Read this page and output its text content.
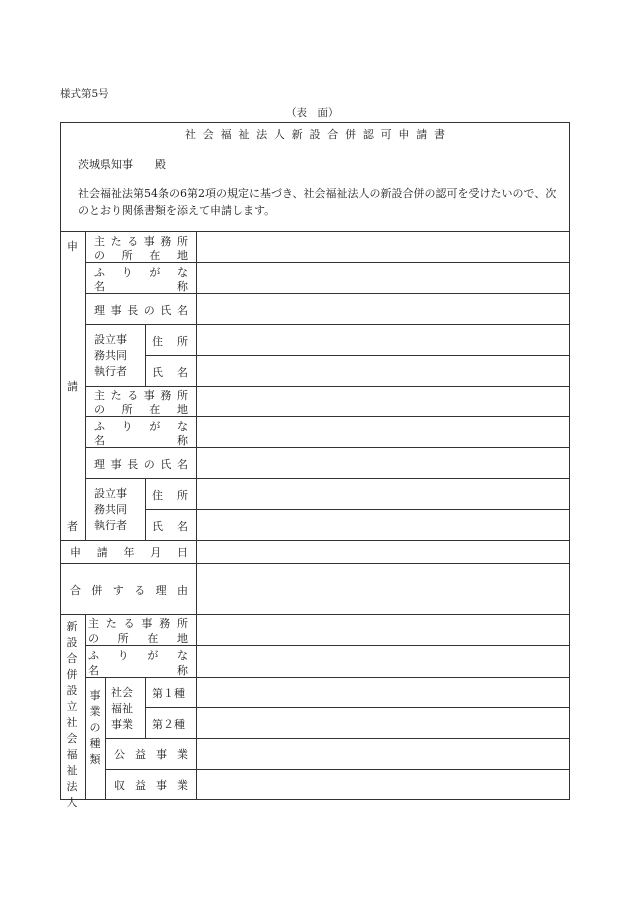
様式第5号
（表　面）
社会福祉法人新設合併認可申請書
茨城県知事　　殿
社会福祉法第54条の6第2項の規定に基づき、社会福祉法人の新設合併の認可を受けたいので、次のとおり関係書類を添えて申請します。
申
請
者
主たる事務所
の所在地
ふりがな
名称
理事長の氏名
設立事
務共同
執行者
住所
氏名
主たる事務所
の所在地
ふりがな
名称
理事長の氏名
設立事
務共同
執行者
住所
氏名
申請年月日
合併する理由
新設合併設立社会福祉法人
主たる事務所
の所在地
ふりがな
名称
事業の種類
社会
福祉
事業
第１種
第２種
公益事業
収益事業
